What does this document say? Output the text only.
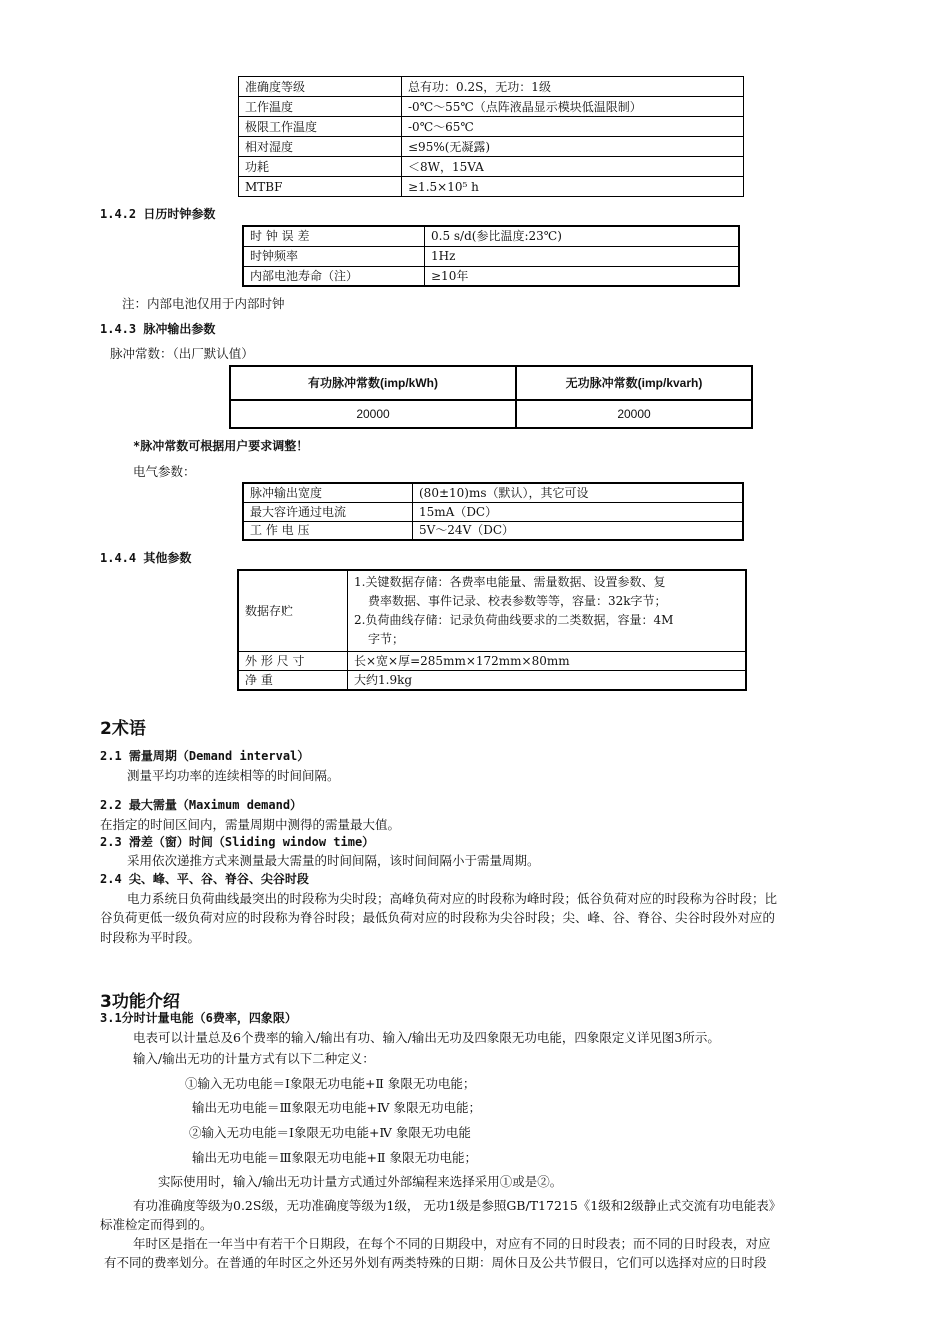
准确度等级	总有功：0.2S，无功：1级
工作温度	-0℃～55℃（点阵液晶显示模块低温限制）
极限工作温度	-0℃～65℃
相对湿度	≤95%(无凝露)
功耗	＜8W，15VA
MTBF	≥1.5×10⁵ h
1.4.2 日历时钟参数
时 钟 误 差	0.5 s/d(参比温度:23℃)
时钟频率	1Hz
内部电池寿命（注）	≥10年
注：内部电池仅用于内部时钟
1.4.3 脉冲输出参数
脉冲常数：（出厂默认值）
有功脉冲常数(imp/kWh)	无功脉冲常数(imp/kvarh)
20000	20000
*脉冲常数可根据用户要求调整！
电气参数：
脉冲输出宽度	(80±10)ms（默认），其它可设
最大容许通过电流	15mA（DC）
工 作 电 压	5V～24V（DC）
1.4.4 其他参数
数据存贮	1.关键数据存储：各费率电能量、需量数据、设置参数、复
费率数据、事件记录、校表参数等等，容量：32k字节；
2.负荷曲线存储：记录负荷曲线要求的二类数据，容量：4M
字节；

外 形 尺 寸	长×宽×厚=285mm×172mm×80mm
净 重	大约1.9kg
2术语
2.1 需量周期（Demand interval）
测量平均功率的连续相等的时间间隔。
2.2 最大需量（Maximum demand）
在指定的时间区间内，需量周期中测得的需量最大值。
2.3 滑差（窗）时间（Sliding window time）
采用依次递推方式来测量最大需量的时间间隔，该时间间隔小于需量周期。
2.4 尖、峰、平、谷、脊谷、尖谷时段
电力系统日负荷曲线最突出的时段称为尖时段；高峰负荷对应的时段称为峰时段；低谷负荷对应的时段称为谷时段；比
谷负荷更低一级负荷对应的时段称为脊谷时段；最低负荷对应的时段称为尖谷时段；尖、峰、谷、脊谷、尖谷时段外对应的
时段称为平时段。
3功能介绍
3.1分时计量电能（6费率，四象限）
电表可以计量总及6个费率的输入/输出有功、输入/输出无功及四象限无功电能，四象限定义详见图3所示。
输入/输出无功的计量方式有以下二种定义：
①输入无功电能＝Ⅰ象限无功电能+Ⅱ 象限无功电能；
输出无功电能＝Ⅲ象限无功电能+Ⅳ 象限无功电能；
②输入无功电能＝Ⅰ象限无功电能+Ⅳ 象限无功电能
输出无功电能＝Ⅲ象限无功电能+Ⅱ 象限无功电能；
实际使用时，输入/输出无功计量方式通过外部编程来选择采用①或是②。
有功准确度等级为0.2S级，无功准确度等级为1级， 无功1级是参照GB/T17215《1级和2级静止式交流有功电能表》
标准检定而得到的。
年时区是指在一年当中有若干个日期段，在每个不同的日期段中，对应有不同的日时段表；而不同的日时段表，对应
有不同的费率划分。在普通的年时区之外还另外划有两类特殊的日期：周休日及公共节假日，它们可以选择对应的日时段
